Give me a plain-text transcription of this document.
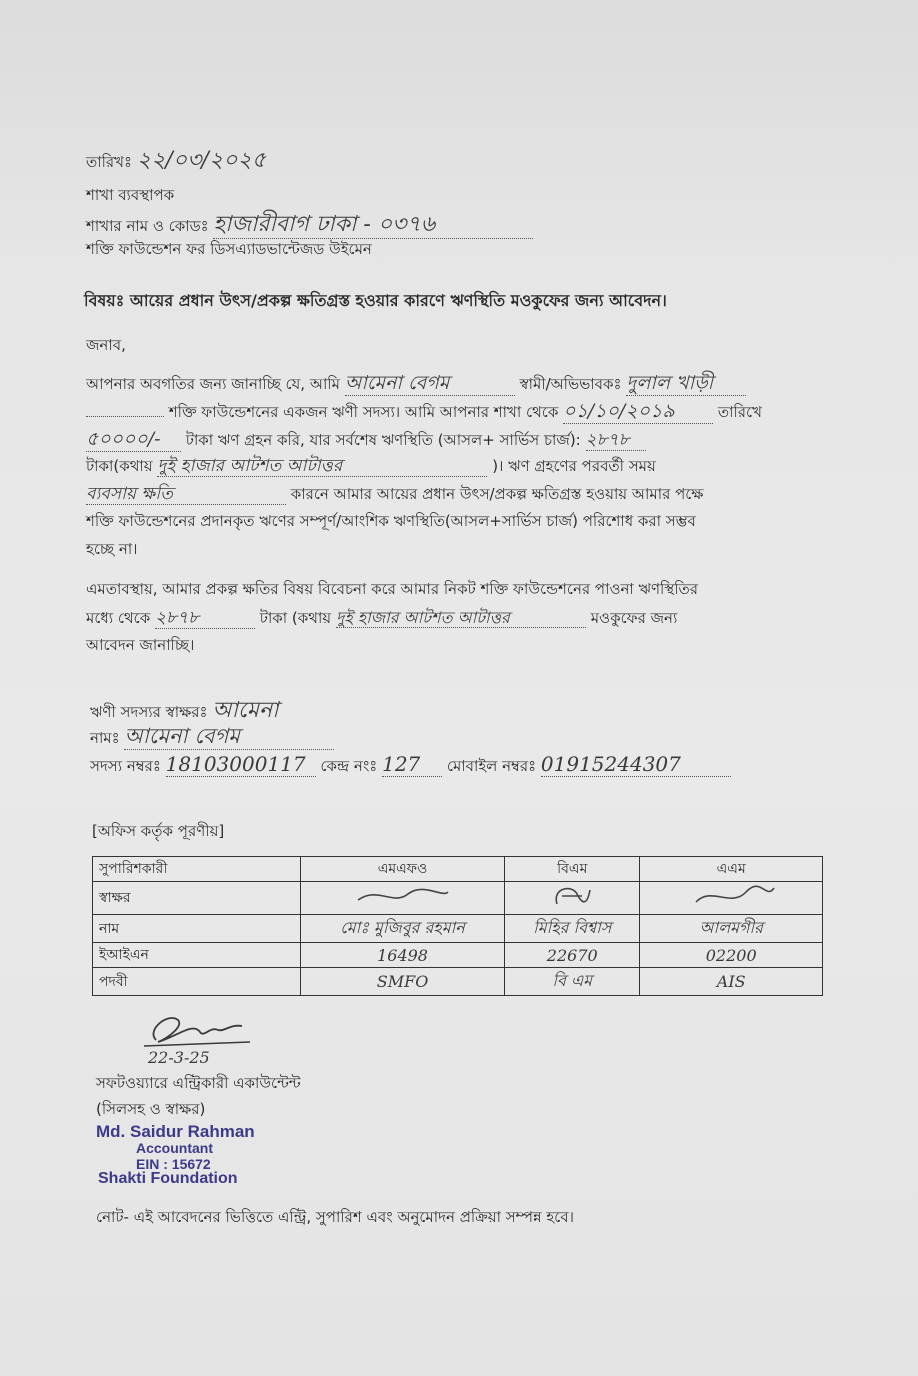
তারিখঃ ২২/০৩/২০২৫
শাখা ব্যবস্থাপক
শাখার নাম ও কোডঃ হাজারীবাগ ঢাকা - ০৩৭৬
শক্তি ফাউন্ডেশন ফর ডিসএ্যাডভান্টেজড উইমেন
বিষয়ঃ আয়ের প্রধান উৎস/প্রকল্প ক্ষতিগ্রস্ত হওয়ার কারণে ঋণস্থিতি মওকুফের জন্য আবেদন।
জনাব,
আপনার অবগতির জন্য জানাচ্ছি যে, আমি আমেনা বেগম	স্বামী/অভিভাবকঃ দুলাল খাড়ী
শক্তি ফাউন্ডেশনের একজন ঋণী সদস্য। আমি আপনার শাখা থেকে ০১/১০/২০১৯	তারিখে
৫০০০০/- টাকা ঋণ গ্রহন করি, যার সর্বশেষ ঋণস্থিতি (আসল+ সার্ভিস চার্জ): ২৮৭৮
টাকা(কথায় দুই হাজার আটশত আটাত্তর	)। ঋণ গ্রহণের পরবর্তী সময়
ব্যবসায় ক্ষতি	কারনে আমার আয়ের প্রধান উৎস/প্রকল্প ক্ষতিগ্রস্ত হওয়ায় আমার পক্ষে
শক্তি ফাউন্ডেশনের প্রদানকৃত ঋণের সম্পূর্ণ/আংশিক ঋণস্থিতি(আসল+সার্ভিস চার্জ) পরিশোধ করা সম্ভব
হচ্ছে না।
এমতাবস্থায়, আমার প্রকল্প ক্ষতির বিষয় বিবেচনা করে আমার নিকট শক্তি ফাউন্ডেশনের পাওনা ঋণস্থিতির
মধ্যে থেকে ২৮৭৮	টাকা (কথায় দুই হাজার আটশত আটাত্তর	মওকুফের জন্য
আবেদন জানাচ্ছি।
ঋণী সদস্যর স্বাক্ষরঃ আমেনা
নামঃ আমেনা বেগম
সদস্য নম্বরঃ 18103000117 কেন্দ্র নংঃ 127 মোবাইল নম্বরঃ 01915244307
[অফিস কর্তৃক পূরণীয়]
সুপারিশকারী	এমএফও	বিএম	এএম
স্বাক্ষর			
নাম	মোঃ মুজিবুর রহমান	মিহির বিশ্বাস	আলমগীর
ইআইএন	16498	22670	02200
পদবী	SMFO	বি এম	AIS
22-3-25
সফটওয়্যারে এন্ট্রিকারী একাউন্টেন্ট
(সিলসহ ও স্বাক্ষর)
Md. Saidur Rahman
Accountant
EIN : 15672
Shakti Foundation
নোট- এই আবেদনের ভিত্তিতে এন্ট্রি, সুপারিশ এবং অনুমোদন প্রক্রিয়া সম্পন্ন হবে।
